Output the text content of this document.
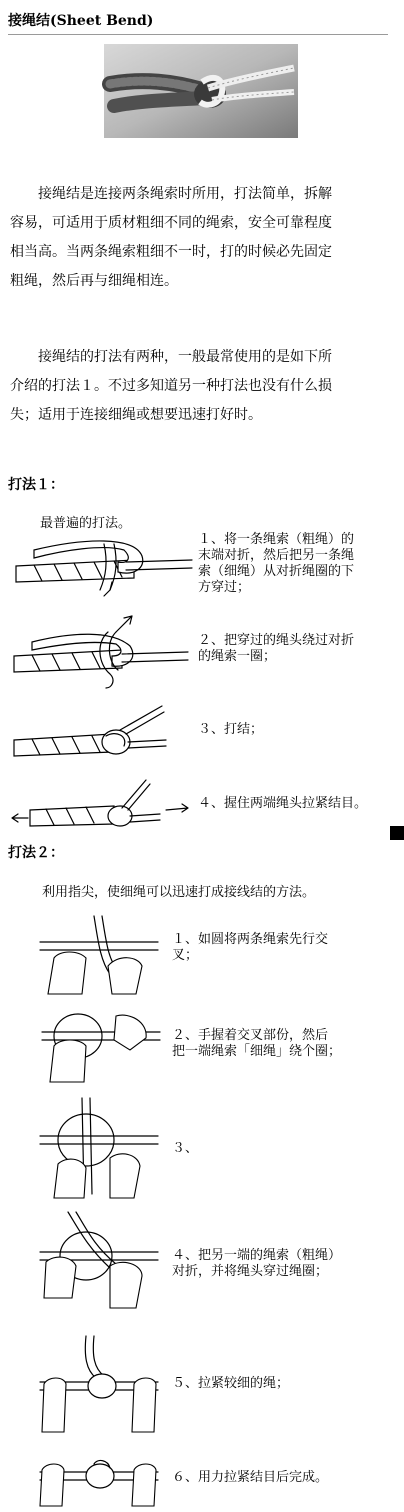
接绳结(Sheet Bend)

接绳结是连接两条绳索时所用，打法简单，拆解
容易，可适用于质材粗细不同的绳索，安全可靠程度
相当高。当两条绳索粗细不一时，打的时候必先固定
粗绳，然后再与细绳相连。

接绳结的打法有两种，一般最常使用的是如下所
介绍的打法１。不过多知道另一种打法也没有什么损
失；适用于连接细绳或想要迅速打好时。

打法１：
最普遍的打法。
１、将一条绳索（粗绳）的
末端对折，然后把另一条绳
索（细绳）从对折绳圈的下
方穿过；
２、把穿过的绳头绕过对折
的绳索一圈；
３、打结；
４、握住两端绳头拉紧结目。
打法２：
利用指尖，使细绳可以迅速打成接线结的方法。
１、如圆将两条绳索先行交
叉；
２、手握着交叉部份，然后
把一端绳索「细绳」绕个圈；
３、
４、把另一端的绳索（粗绳）
对折，并将绳头穿过绳圈；
５、拉紧较细的绳；
６、用力拉紧结目后完成。
